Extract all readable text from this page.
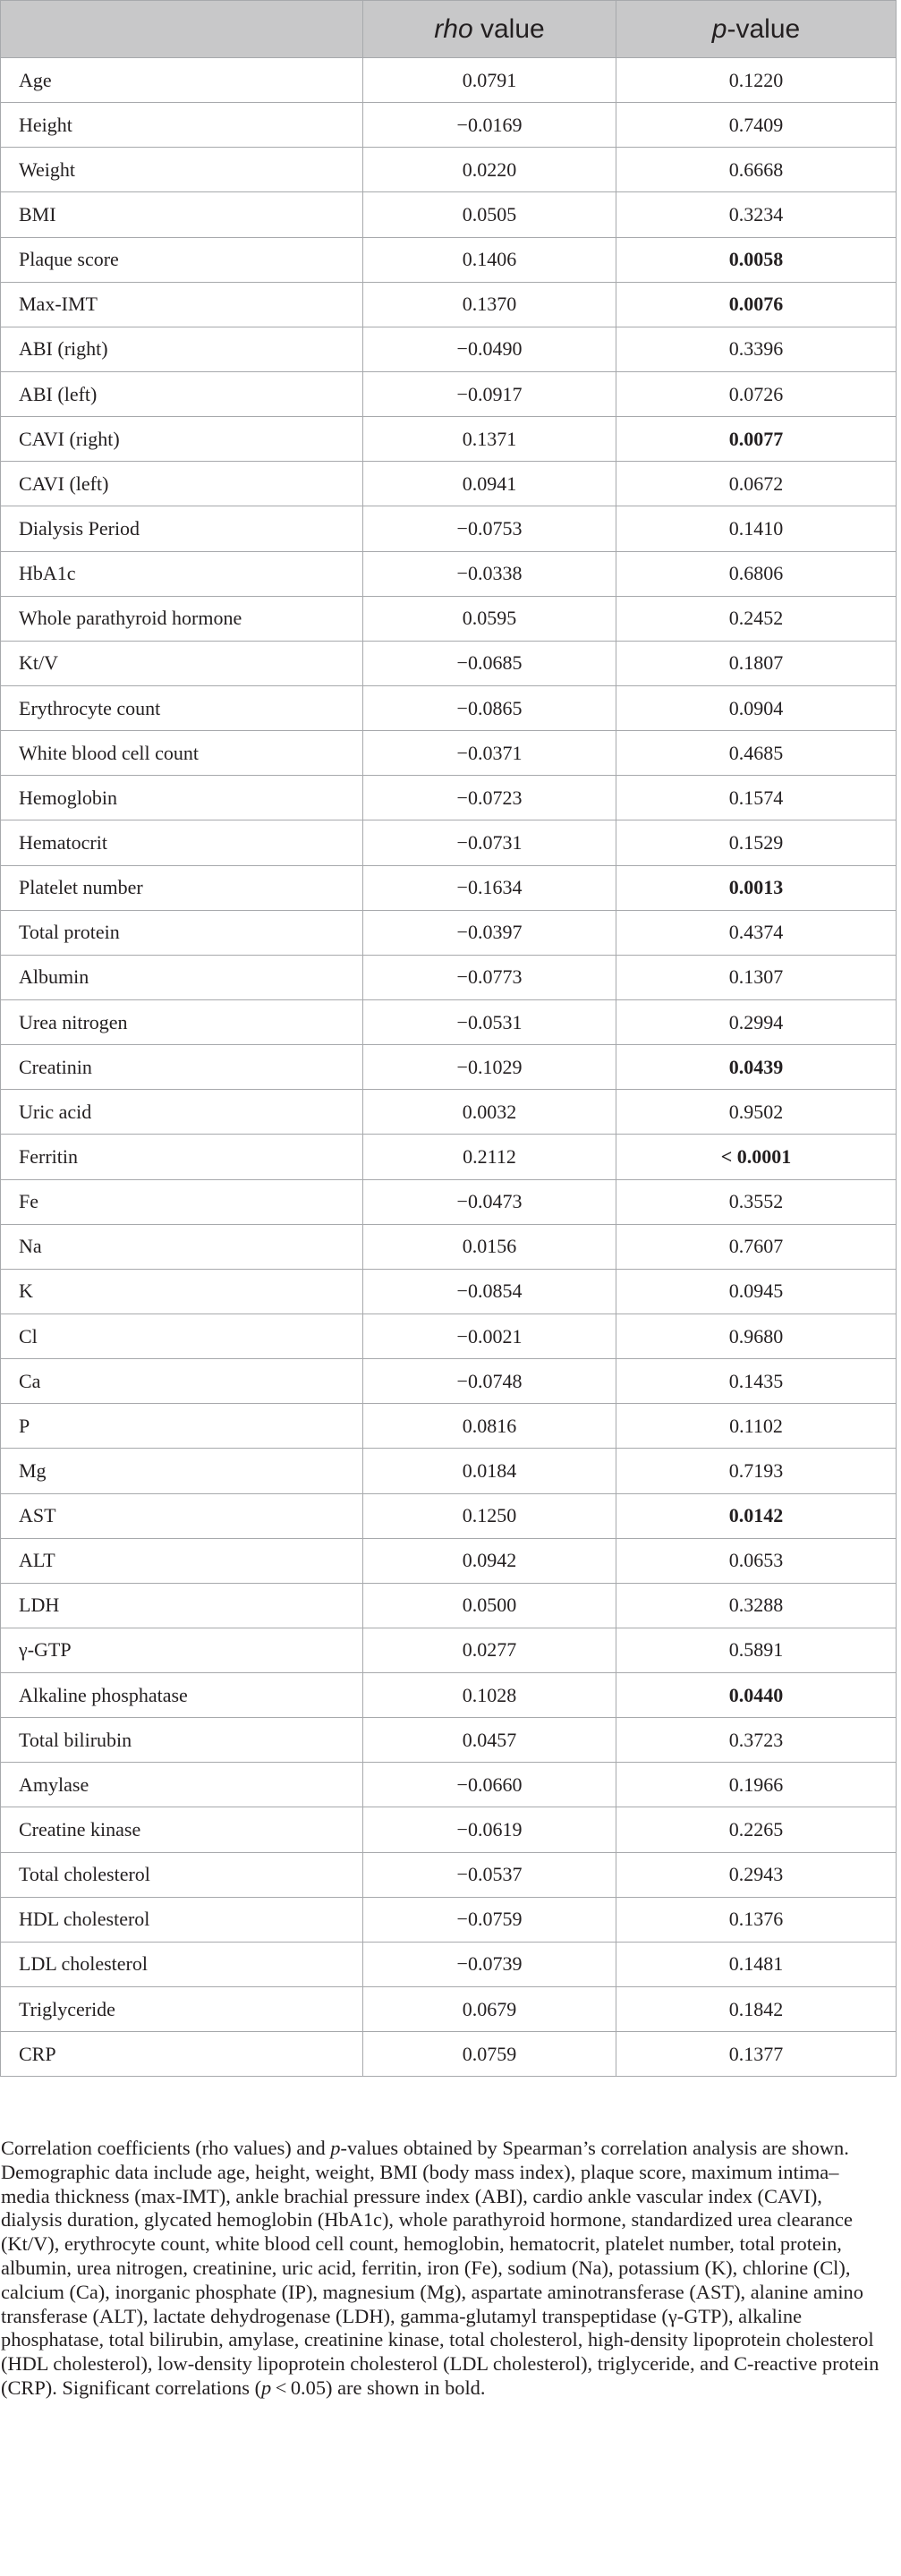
	rho value	p-value
Age	0.0791	0.1220
Height	−0.0169	0.7409
Weight	0.0220	0.6668
BMI	0.0505	0.3234
Plaque score	0.1406	0.0058
Max-IMT	0.1370	0.0076
ABI (right)	−0.0490	0.3396
ABI (left)	−0.0917	0.0726
CAVI (right)	0.1371	0.0077
CAVI (left)	0.0941	0.0672
Dialysis Period	−0.0753	0.1410
HbA1c	−0.0338	0.6806
Whole parathyroid hormone	0.0595	0.2452
Kt/V	−0.0685	0.1807
Erythrocyte count	−0.0865	0.0904
White blood cell count	−0.0371	0.4685
Hemoglobin	−0.0723	0.1574
Hematocrit	−0.0731	0.1529
Platelet number	−0.1634	0.0013
Total protein	−0.0397	0.4374
Albumin	−0.0773	0.1307
Urea nitrogen	−0.0531	0.2994
Creatinin	−0.1029	0.0439
Uric acid	0.0032	0.9502
Ferritin	0.2112	< 0.0001
Fe	−0.0473	0.3552
Na	0.0156	0.7607
K	−0.0854	0.0945
Cl	−0.0021	0.9680
Ca	−0.0748	0.1435
P	0.0816	0.1102
Mg	0.0184	0.7193
AST	0.1250	0.0142
ALT	0.0942	0.0653
LDH	0.0500	0.3288
γ-GTP	0.0277	0.5891
Alkaline phosphatase	0.1028	0.0440
Total bilirubin	0.0457	0.3723
Amylase	−0.0660	0.1966
Creatine kinase	−0.0619	0.2265
Total cholesterol	−0.0537	0.2943
HDL cholesterol	−0.0759	0.1376
LDL cholesterol	−0.0739	0.1481
Triglyceride	0.0679	0.1842
CRP	0.0759	0.1377

Correlation coefficients (rho values) and p-values obtained by Spearman’s correlation analysis are shown. Demographic data include age, height, weight, BMI (body mass index), plaque score, maximum intima–media thickness (max-IMT), ankle brachial pressure index (ABI), cardio ankle vascular index (CAVI), dialysis duration, glycated hemoglobin (HbA1c), whole parathyroid hormone, standardized urea clearance (Kt/V), erythrocyte count, white blood cell count, hemoglobin, hematocrit, platelet number, total protein, albumin, urea nitrogen, creatinine, uric acid, ferritin, iron (Fe), sodium (Na), potassium (K), chlorine (Cl), calcium (Ca), inorganic phosphate (IP), magnesium (Mg), aspartate aminotransferase (AST), alanine amino transferase (ALT), lactate dehydrogenase (LDH), gamma-glutamyl transpeptidase (γ-GTP), alkaline phosphatase, total bilirubin, amylase, creatinine kinase, total cholesterol, high-density lipoprotein cholesterol (HDL cholesterol), low-density lipoprotein cholesterol (LDL cholesterol), triglyceride, and C-reactive protein (CRP). Significant correlations (p < 0.05) are shown in bold.
